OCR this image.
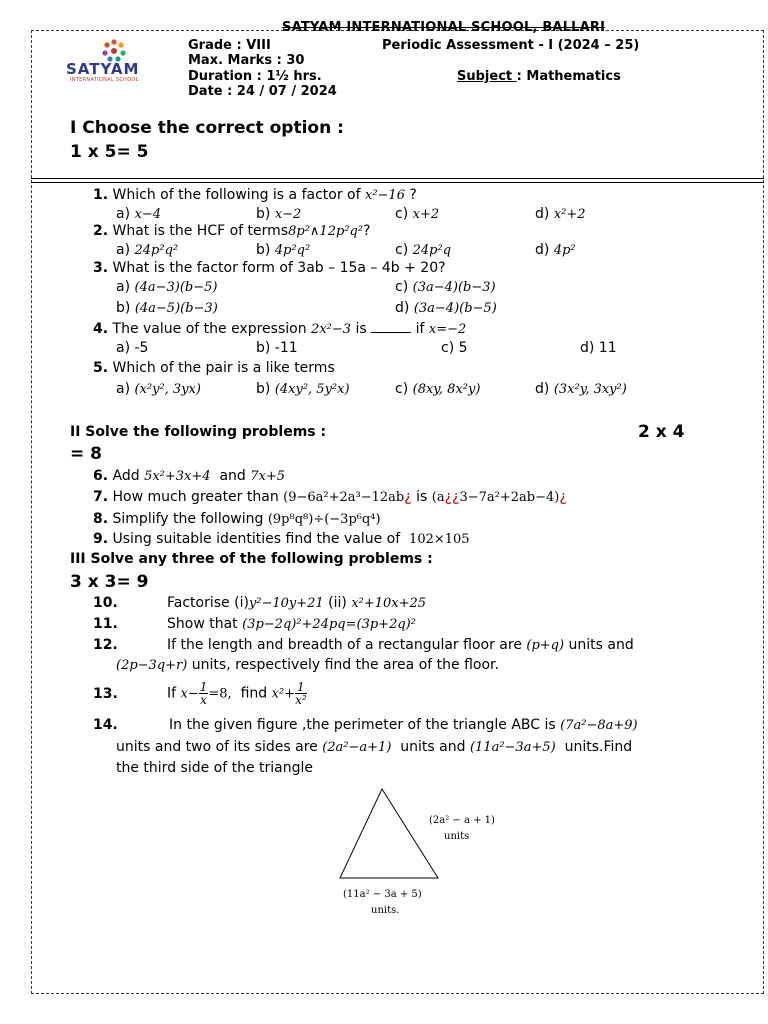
SATYAM INTERNATIONAL SCHOOL, BALLARI
SATYAM
INTERNATIONAL SCHOOL
Grade : VIII	Periodic Assessment - I (2024 – 25)
Max. Marks : 30
Duration : 1½ hrs.	Subject : Mathematics
Date : 24 / 07 / 2024
I Choose the correct option :
1 x 5= 5
1. Which of the following is a factor of x²−16 ?
a) x−4	b) x−2	c) x+2	d) x²+2
2. What is the HCF of terms8p²∧12p²q²?
a) 24p²q²	b) 4p²q²	c) 24p²q	d) 4p²
3. What is the factor form of 3ab – 15a – 4b + 20?
a) (4a−3)(b−5)	c) (3a−4)(b−3)
b) (4a−5)(b−3)	d) (3a−4)(b−5)
4. The value of the expression 2x²−3 is	if x=−2
a) -5	b) -11	c) 5	d) 11
5. Which of the pair is a like terms
a) (x²y², 3yx)	b) (4xy², 5y²x)	c) (8xy, 8x²y)	d) (3x²y, 3xy²)
II Solve the following problems :	2 x 4
= 8
6. Add 5x²+3x+4 and 7x+5
7. How much greater than (9−6a²+2a³−12ab¿ is (a¿¿3−7a²+2ab−4)¿
8. Simplify the following (9p⁸q⁸)÷(−3p⁶q⁴)
9. Using suitable identities find the value of 102×105
III Solve any three of the following problems :
3 x 3= 9
10.	Factorise (i)y²−10y+21 (ii) x²+10x+25
11.	Show that (3p−2q)²+24pq=(3p+2q)²
12.	If the length and breadth of a rectangular floor are (p+q) units and
(2p−3q+r) units, respectively find the area of the floor.
13.	If $x- \frac{1}{x} =8$, find $x^2+ \frac{1}{\text{x²}}$
14.	In the given figure ,the perimeter of the triangle ABC is (7a²−8a+9)
units and two of its sides are (2a²−a+1) units and (11a²−3a+5) units.Find
the third side of the triangle
(2a² − a + 1)
units
(11a² − 3a + 5)
units.
